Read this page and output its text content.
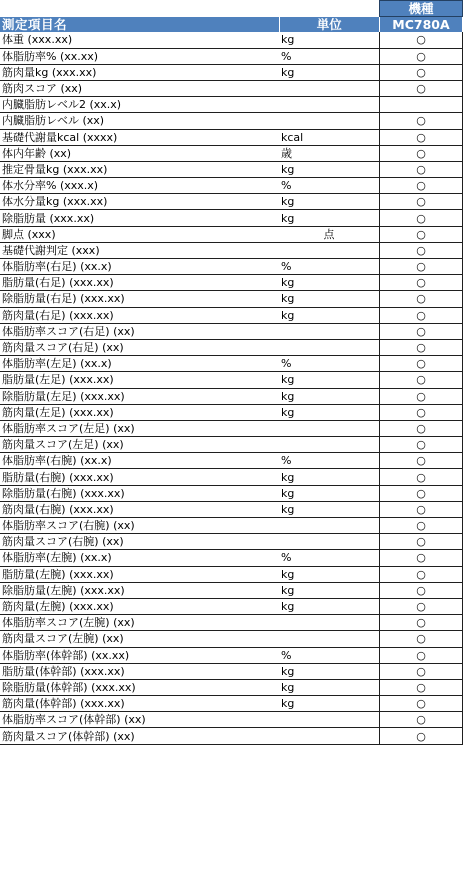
		機種
測定項目名	単位	MC780A
体重 (xxx.xx)	kg	○
体脂肪率% (xx.xx)	%	○
筋肉量kg (xxx.xx)	kg	○
筋肉スコア (xx)		○
内臓脂肪レベル2 (xx.x)		
内臓脂肪レベル (xx)		○
基礎代謝量kcal (xxxx)	kcal	○
体内年齢 (xx)	歳	○
推定骨量kg (xxx.xx)	kg	○
体水分率% (xxx.x)	%	○
体水分量kg (xxx.xx)	kg	○
除脂肪量 (xxx.xx)	kg	○
脚点 (xxx)	点	○
基礎代謝判定 (xxx)		○
体脂肪率(右足) (xx.x)	%	○
脂肪量(右足) (xxx.xx)	kg	○
除脂肪量(右足) (xxx.xx)	kg	○
筋肉量(右足) (xxx.xx)	kg	○
体脂肪率スコア(右足) (xx)		○
筋肉量スコア(右足) (xx)		○
体脂肪率(左足) (xx.x)	%	○
脂肪量(左足) (xxx.xx)	kg	○
除脂肪量(左足) (xxx.xx)	kg	○
筋肉量(左足) (xxx.xx)	kg	○
体脂肪率スコア(左足) (xx)		○
筋肉量スコア(左足) (xx)		○
体脂肪率(右腕) (xx.x)	%	○
脂肪量(右腕) (xxx.xx)	kg	○
除脂肪量(右腕) (xxx.xx)	kg	○
筋肉量(右腕) (xxx.xx)	kg	○
体脂肪率スコア(右腕) (xx)		○
筋肉量スコア(右腕) (xx)		○
体脂肪率(左腕) (xx.x)	%	○
脂肪量(左腕) (xxx.xx)	kg	○
除脂肪量(左腕) (xxx.xx)	kg	○
筋肉量(左腕) (xxx.xx)	kg	○
体脂肪率スコア(左腕) (xx)		○
筋肉量スコア(左腕) (xx)		○
体脂肪率(体幹部) (xx.xx)	%	○
脂肪量(体幹部) (xxx.xx)	kg	○
除脂肪量(体幹部) (xxx.xx)	kg	○
筋肉量(体幹部) (xxx.xx)	kg	○
体脂肪率スコア(体幹部) (xx)		○
筋肉量スコア(体幹部) (xx)		○
